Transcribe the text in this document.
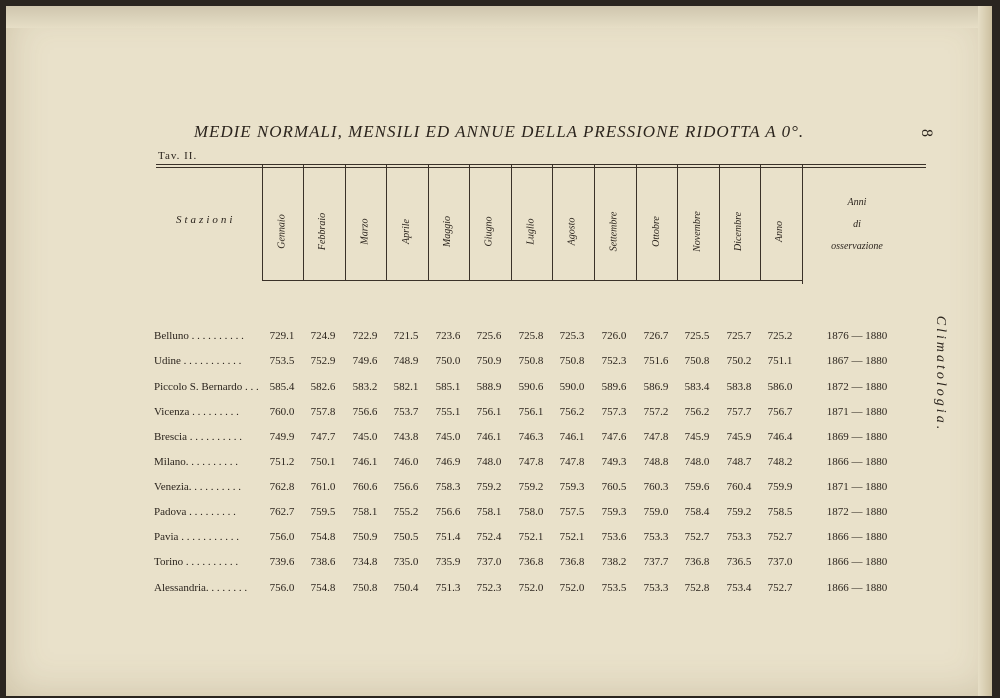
MEDIE NORMALI, MENSILI ED ANNUE DELLA PRESSIONE RIDOTTA A 0°.	8
Tav. II.
Climatologia.
Stazioni	Gennaio	Febbraio	Marzo	Aprile	Maggio	Giugno	Luglio	Agosto	Settembre	Ottobre	Novembre	Dicembre	Anno
Anni
di
osservazione
Belluno . . . . . . . . . .	729.1	724.9	722.9	721.5	723.6	725.6	725.8	725.3	726.0	726.7	725.5	725.7	725.2	1876 — 1880
Udine . . . . . . . . . . .	753.5	752.9	749.6	748.9	750.0	750.9	750.8	750.8	752.3	751.6	750.8	750.2	751.1	1867 — 1880
Piccolo S. Bernardo . . . 585.4	582.6	583.2	582.1	585.1	588.9	590.6	590.0	589.6	586.9	583.4	583.8	586.0	1872 — 1880
Vicenza . . . . . . . . .	760.0	757.8	756.6	753.7	755.1	756.1	756.1	756.2	757.3	757.2	756.2	757.7	756.7	1871 — 1880
Brescia . . . . . . . . . .	749.9	747.7	745.0	743.8	745.0	746.1	746.3	746.1	747.6	747.8	745.9	745.9	746.4	1869 — 1880
Milano. . . . . . . . . .	751.2	750.1	746.1	746.0	746.9	748.0	747.8	747.8	749.3	748.8	748.0	748.7	748.2	1866 — 1880
Venezia. . . . . . . . . .	762.8	761.0	760.6	756.6	758.3	759.2	759.2	759.3	760.5	760.3	759.6	760.4	759.9	1871 — 1880
Padova . . . . . . . . .	762.7	759.5	758.1	755.2	756.6	758.1	758.0	757.5	759.3	759.0	758.4	759.2	758.5	1872 — 1880
Pavia . . . . . . . . . . .	756.0	754.8	750.9	750.5	751.4	752.4	752.1	752.1	753.6	753.3	752.7	753.3	752.7	1866 — 1880
Torino . . . . . . . . . .	739.6	738.6	734.8	735.0	735.9	737.0	736.8	736.8	738.2	737.7	736.8	736.5	737.0	1866 — 1880
Alessandria. . . . . . . .	756.0	754.8	750.8	750.4	751.3	752.3	752.0	752.0	753.5	753.3	752.8	753.4	752.7	1866 — 1880
